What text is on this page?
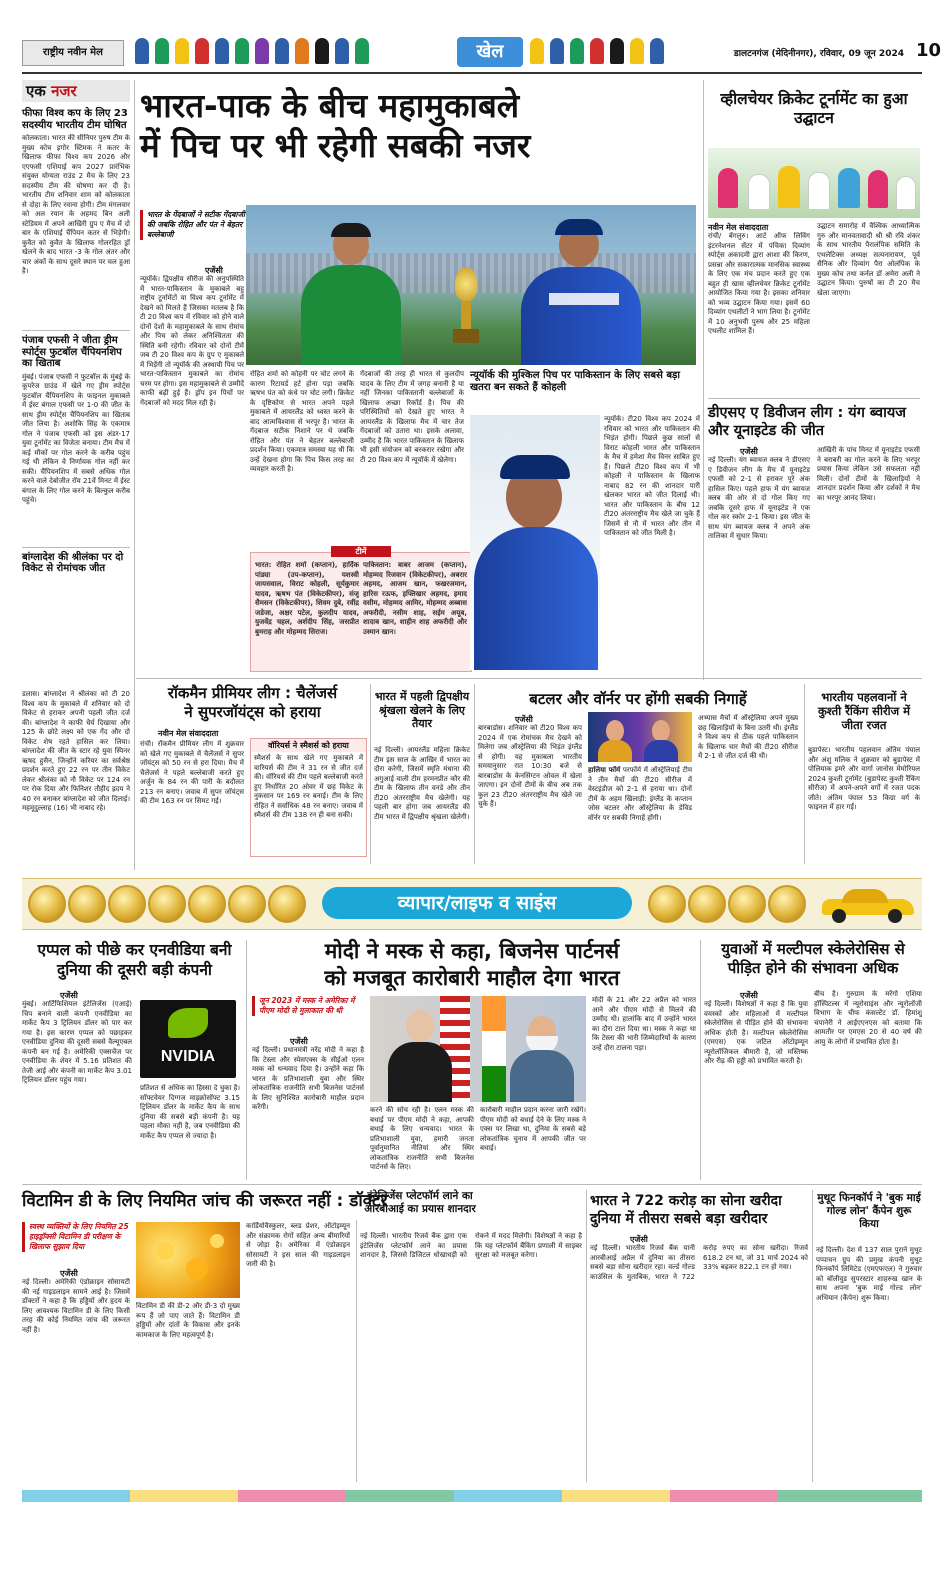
राष्ट्रीय नवीन मेल	खेल	डालटनगंज (मेदिनीनगर), रविवार, 09 जून 2024 10
एक नजर
फीफा विश्व कप के लिए 23 सदस्यीय भारतीय टीम घोषित
कोलकाता। भारत की सीनियर पुरुष टीम के मुख्य कोच इगोर स्टिमक ने कतर के खिलाफ फीफा विश्व कप 2026 और एएफसी एशियाई कप 2027 प्रारंभिक संयुक्त योग्यता राउंड 2 मैच के लिए 23 सदस्यीय टीम की घोषणा कर दी है। भारतीय टीम शनिवार शाम को कोलकाता से दोहा के लिए रवाना होगी। टीम मंगलवार को अल रयान के अहमद बिन अली स्टेडियम में अपने आखिरी ग्रुप ए मैच में दो बार के एशियाई चैंपियन कतर से भिड़ेगी। कुवैत को कुवैत के खिलाफ गोलरहित ड्रॉ खेलने के बाद भारत -3 के गोल अंतर और चार अंकों के साथ दूसरे स्थान पर चल हुआ है।
पंजाब एफसी ने जीता ड्रीम स्पोर्ट्स फुटबॉल चैंपियनशिप का खिताब
मुंबई। पंजाब एफसी ने फुटबॉल के मुंबई के कूपरेज ग्राउंड में खेले गए ड्रीम स्पोर्ट्स फुटबॉल चैंपियनशिप के फाइनल मुकाबले में ईस्ट बंगाल एफसी पर 1-0 की जीत के साथ ड्रीम स्पोर्ट्स चैंपियनशिप का खिताब जीत लिया है। अशोकि सिंह के एकमात्र गोल ने पंजाब एफसी को इस अंडर-17 युवा टूर्नामेंट का विजेता बनाया। टीम मैच में कई मौकों पर गोल करने के करीब पहुंच गई थी लेकिन वे निर्णायक गोल नहीं कर सकी। चैंपियनशिप में सबसे अधिक गोल करने वाले देबोजीत रॉय 21वें मिनट में ईस्ट बंगाल के लिए गोल करने के बिल्कुल करीब पहुंचे।
बांग्लादेश की श्रीलंका पर दो विकेट से रोमांचक जीत
डलास। बांग्लादेश ने श्रीलंका को टी 20 विश्व कप के मुकाबले में शनिवार को दो विकेट से हराकर अपनी पहली जीत दर्ज की। बांग्लादेश ने काफी धैर्य दिखाया और 125 के छोटे लक्ष्य को एक गेंद और दो विकेट शेष रहते हासिल कर लिया। बांग्लादेश की जीत के स्टार रहे युवा स्पिनर ऋषद हुसैन, जिन्होंने करियर का सर्वश्रेष्ठ प्रदर्शन करते हुए 22 रन पर तीन विकेट लेकर श्रीलंका को नौ विकेट पर 124 रन पर रोक दिया और फिनिशर तौहीद ह्रदय ने 40 रन बनाकर बांग्लादेश को जीत दिलाई। महमूदुल्लाह (16) भी नाबाद रहे।
भारत-पाक के बीच महामुकाबले
में पिच पर भी रहेगी सबकी नजर
भारत के गेंदबाजों ने सटीक गेंदबाजी की जबकि रोहित और पंत ने बेहतर बल्लेबाजी
एजेंसी
न्यूयॉर्क। द्विपक्षीय सीरीज की अनुपस्थिति में भारत-पाकिस्तान के मुकाबले बहु राष्ट्रीय टूर्नामेंटों या विश्व कप टूर्नामेंट में देखने को मिलते हैं जिसका मतलब है कि टी 20 विश्व कप में रविवार को होने वाले दोनों देशों के महामुकाबले के साथ रोमांच और पिच को लेकर अनिश्चितता की स्थिति बनी रहेगी। रविवार को दोनों टीमें जब टी 20 विश्व कप के ग्रुप ए मुकाबले में भिड़ेंगी तो न्यूयॉर्क की अस्थायी पिच पर भारत-पाकिस्तान मुकाबले का रोमांच चरम पर होगा। इस महामुकाबले से उम्मीदें काफी बढ़ी हुई हैं। ड्रॉप इन पिचों पर गेंदबाजों को मदद मिल रही है।
रोहित शर्मा को कोहनी पर चोट लगने के कारण रिटायर्ड हर्ट होना पड़ा जबकि ऋषभ पंत को कंधे पर चोट लगी। क्रिकेट के दृष्टिकोण से भारत अपने पहले मुकाबले में आयरलैंड को ध्वस्त करने के बाद आत्मविश्वास से भरपूर है। भारत के गेंदबाज सटीक निशाने पर थे जबकि रोहित और पंत ने बेहतर बल्लेबाजी प्रदर्शन किया। एकमात्र समस्या यह थी कि उन्हें देखना होगा कि पिच किस तरह का व्यवहार करती है।
गेंदबाजों की तरह ही भारत से कुलदीप यादव के लिए टीम में जगह बनानी है या नहीं जिनका पाकिस्तानी बल्लेबाजों के खिलाफ अच्छा रिकॉर्ड है। पिच की परिस्थितियों को देखते हुए भारत ने आयरलैंड के खिलाफ मैच में चार तेज गेंदबाजों को उतारा था। इसके अलावा, उम्मीद है कि भारत पाकिस्तान के खिलाफ भी इसी संयोजन को बरकरार रखेगा और टी 20 विश्व कप में न्यूयॉर्क में खेलेगा।
टीमें
भारत: रोहित शर्मा (कप्तान), हार्दिक पांड्या (उप-कप्तान), यशस्वी जायसवाल, विराट कोहली, सूर्यकुमार यादव, ऋषभ पंत (विकेटकीपर), संजू सैमसन (विकेटकीपर), शिवम दुबे, रवींद्र जडेजा, अक्षर पटेल, कुलदीप यादव, युजवेंद्र चहल, अर्शदीप सिंह, जसप्रीत बुमराह और मोहम्मद सिराज।
पाकिस्तान: बाबर आजम (कप्तान), मोहम्मद रिजवान (विकेटकीपर), अबरार अहमद, आजम खान, फखरजमान, हारिस रऊफ, इफ्तिखार अहमद, इमाद वसीम, मोहम्मद आमिर, मोहम्मद अब्बास अफरीदी, नसीम शाह, सईम अयूब, शादाब खान, शाहीन शाह अफरीदी और उस्मान खान।
न्यूयॉर्क की मुश्किल पिच पर पाकिस्तान के लिए सबसे बड़ा खतरा बन सकते हैं कोहली
न्यूयॉर्क। टी20 विश्व कप 2024 में रविवार को भारत और पाकिस्तान की भिड़ंत होगी। पिछले कुछ सालों से विराट कोहली भारत और पाकिस्तान के मैच में हमेशा मैच विनर साबित हुए हैं। पिछले टी20 विश्व कप में भी कोहली ने पाकिस्तान के खिलाफ नाबाद 82 रन की शानदार पारी खेलकर भारत को जीत दिलाई थी। भारत और पाकिस्तान के बीच 12 टी20 अंतरराष्ट्रीय मैच खेले जा चुके हैं जिसमें से नौ में भारत और तीन में पाकिस्तान को जीत मिली है।
व्हीलचेयर क्रिकेट टूर्नामेंट का हुआ उद्घाटन
नवीन मेल संवाददाता
रांची/ बेंगलुरु। आर्ट ऑफ लिविंग इंटरनेशनल सेंटर में पंचिका दिव्यांग स्पोर्ट्स अकादमी द्वारा आशा की किरण, प्रसन्ना और सकारात्मक मानसिक स्वास्थ्य के लिए एक मंच प्रदान करते हुए एक बहुत ही खास व्हीलचेयर क्रिकेट टूर्नामेंट आयोजित किया गया है। इसका शनिवार को भव्य उद्घाटन किया गया। इसमें 60 दिव्यांग एथलीटों ने भाग लिया है। टूर्नामेंट में 10 अनुभवी पुरुष और 25 महिला एथलीट शामिल हैं।
उद्घाटन समारोह में वैश्विक आध्यात्मिक गुरु और मानवतावादी श्री श्री रवि शंकर के साथ भारतीय पैरालंपिक समिति के एथलेटिक्स अध्यक्ष सत्यनारायण, पूर्व सैनिक और दिव्यांग पैरा ओलंपिक के मुख्य कोच तथा कर्नल डॉ अमेरा अली ने उद्घाटन किया। पुरुषों का टी 20 मैच खेला जाएगा।
डीएसए ए डिवीजन लीग : यंग ब्वायज और यूनाइटेड की जीत
एजेंसी
नई दिल्ली। यंग ब्वायज क्लब ने डीएसए ए डिवीजन लीग के मैच में यूनाइटेड एफसी को 2-1 से हराकर पूरे अंक हासिल किए। पहले हाफ में यंग ब्वायज क्लब की ओर से दो गोल किए गए जबकि दूसरे हाफ में यूनाइटेड ने एक गोल कर स्कोर 2-1 किया। इस जीत के साथ यंग ब्वायज क्लब ने अपने अंक तालिका में सुधार किया।
आखिरी के पांच मिनट में यूनाइटेड एफसी ने बराबरी का गोल करने के लिए भरपूर प्रयास किया लेकिन उसे सफलता नहीं मिली। दोनों टीमों के खिलाड़ियों ने शानदार प्रदर्शन किया और दर्शकों ने मैच का भरपूर आनंद लिया।
रॉकमैन प्रीमियर लीग : चैलेंजर्स
ने सुपरजॉयंट्स को हराया
नवीन मेल संवाददाता
रांची। रॉकमैन प्रीमियर लीग में शुक्रवार को खेले गए मुकाबले में चैलेंजर्स ने सुपर जॉयंट्स को 50 रन से हरा दिया। मैच में चैलेंजर्स ने पहले बल्लेबाजी करते हुए अर्जुन के 84 रन की पारी के बदौलत 213 रन बनाए। जवाब में सुपर जॉयंट्स की टीम 163 रन पर सिमट गई।
वॉरियर्स ने स्मैशर्स को हराया
स्मैशर्स के साथ खेले गए मुकाबले में वारियर्स की टीम ने 31 रन से जीत दर्ज की। वॉरियर्स की टीम पहले बल्लेबाजी करते हुए निर्धारित 20 ओवर में छह विकेट के नुकसान पर 169 रन बनाई। टीम के लिए रोहित ने सर्वाधिक 48 रन बनाए। जवाब में स्मैशर्स की टीम 138 रन ही बना सकी।
भारत में पहली द्विपक्षीय श्रृंखला खेलने के लिए तैयार
नई दिल्ली। आयरलैंड महिला क्रिकेट टीम इस साल के आखिर में भारत का दौरा करेगी, जिसमें स्मृति मंधाना की अगुआई वाली टीम हरमनप्रीत कौर की टीम के खिलाफ तीन वनडे और तीन टी20 अंतरराष्ट्रीय मैच खेलेगी। यह पहली बार होगा जब आयरलैंड की टीम भारत में द्विपक्षीय श्रृंखला खेलेगी।
बटलर और वॉर्नर पर होंगी सबकी निगाहें
एजेंसी
बारबाडोस। शनिवार को टी20 विश्व कप 2024 में एक रोमांचक मैच देखने को मिलेगा जब ऑस्ट्रेलिया की भिड़ंत इंग्लैंड से होगी। यह मुकाबला भारतीय समयानुसार रात 10:30 बजे से बारबाडोस के केनसिंग्टन ओवल में खेला जाएगा। इन दोनों टीमों के बीच अब तक कुल 23 टी20 अंतरराष्ट्रीय मैच खेले जा चुके हैं।
हालिया फॉर्म परफॉर्म में ऑस्ट्रेलियाई टीम ने तीन मैचों की टी20 सीरीज में वेस्टइंडीज को 2-1 से हराया था। दोनों टीमें के अहम खिलाड़ी: इंग्लैंड के कप्तान जोस बटलर और ऑस्ट्रेलिया के डेविड वॉर्नर पर सबकी निगाहें होंगी।
अभ्यास मैचों में ऑस्ट्रेलिया अपने मुख्य छह खिलाड़ियों के बिना उतरी थी। इंग्लैंड ने विश्व कप से ठीक पहले पाकिस्तान के खिलाफ चार मैचों की टी20 सीरीज में 2-1 से जीत दर्ज की थी।
भारतीय पहलवानों ने कुश्ती रैंकिंग सीरीज में जीता रजत
बुडापेस्ट। भारतीय पहलवान अंतिम पंघाल और अंशु मलिक ने शुक्रवार को बुडापेस्ट में पोलियाक इमरे और वार्गा जानोस मेमोरियल 2024 कुश्ती टूर्नामेंट (बुडापेस्ट कुश्ती रैंकिंग सीरीज) में अपने-अपने वर्गों में रजत पदक जीते। अंतिम पंघाल 53 किग्रा वर्ग के फाइनल में हार गईं।
व्यापार/लाइफ व साइंस
एप्पल को पीछे कर एनवीडिया बनी दुनिया की दूसरी बड़ी कंपनी
एजेंसी
मुंबई। आर्टिफिशियल इंटेलिजेंस (एआई) चिप बनाने वाली कंपनी एनवीडिया का मार्केट कैप 3 ट्रिलियन डॉलर को पार कर गया है। इस कारण एप्पल को पछाड़कर एनवीडिया दुनिया की दूसरी सबसे वैल्यूएबल कंपनी बन गई है। अमेरिकी एक्सचेंज पर एनवीडिया के शेयर में 5.16 प्रतिशत की तेजी आई और कंपनी का मार्केट कैप 3.01 ट्रिलियन डॉलर पहुंच गया।
NVIDIA
प्रतिशत से अधिक का हिस्सा दे चुका है। सॉफ्टवेयर दिग्गज माइक्रोसॉफ्ट 3.15 ट्रिलियन डॉलर के मार्केट कैप के साथ दुनिया की सबसे बड़ी कंपनी है। यह पहला मौका नहीं है, जब एनवीडिया की मार्केट कैप एप्पल से ज्यादा है।
मोदी ने मस्क से कहा, बिजनेस पार्टनर्स
को मजबूत कारोबारी माहौल देगा भारत
जून 2023 में मस्क ने अमेरिका में पीएम मोदी से मुलाकात की थी
एजेंसी
नई दिल्ली। प्रधानमंत्री नरेंद्र मोदी ने कहा है कि टेस्ला और स्पेसएक्स के सीईओ एलन मस्क को धन्यवाद दिया है। उन्होंने कहा कि भारत के प्रतिभाशाली युवा और स्थिर लोकतांत्रिक राजनीति सभी बिजनेस पार्टनर्स के लिए सुनिश्चित कारोबारी माहौल प्रदान करेंगी।	करने की सोच रही है। एलन मस्क की बधाई पर पीएम मोदी ने कहा, आपकी बधाई के लिए धन्यवाद। भारत के प्रतिभाशाली युवा, हमारी जनता पूर्वानुमानित नीतियां और स्थिर लोकतांत्रिक राजनीति सभी बिजनेस पार्टनर्स के लिए।
कारोबारी माहौल प्रदान करना जारी रखेंगे। पीएम मोदी को बधाई देने के लिए मस्क ने एक्स पर लिखा था, दुनिया के सबसे बड़े लोकतांत्रिक चुनाव में आपकी जीत पर बधाई।
मोदी के 21 और 22 अप्रैल को भारत आने और पीएम मोदी से मिलने की उम्मीद थी। हालांकि बाद में उन्होंने भारत का दौरा टाल दिया था। मस्क ने कहा था कि टेस्ला की भारी जिम्मेदारियों के कारण उन्हें दौरा टालना पड़ा।
युवाओं में मल्टीपल स्केलेरोसिस से पीड़ित होने की संभावना अधिक
एजेंसी
नई दिल्ली। विशेषज्ञों ने कहा है कि युवा वयस्कों और महिलाओं में मल्टीपल स्केलेरोसिस से पीड़ित होने की संभावना अधिक होती है। मल्टीपल स्केलेरोसिस (एमएस) एक जटिल ऑटोइम्यून न्यूरोलॉजिकल बीमारी है, जो मस्तिष्क और रीढ़ की हड्डी को प्रभावित करती है।
बीच है। गुरुग्राम के मरेंगो एशिया हॉस्पिटल्स में न्यूरोसाइंस और न्यूरोलॉजी विभाग के चीफ कंसल्टेंट डॉ. हिमांशु चंपानेरी ने आईएएनएस को बताया कि आमतौर पर एमएस 20 से 40 वर्ष की आयु के लोगों में प्रभावित होता है।
विटामिन डी के लिए नियमित जांच की जरूरत नहीं : डॉक्टर
स्वस्थ व्यक्तियों के लिए नियमित 25 हाइड्रॉक्सी विटामिन डी परीक्षण के खिलाफ सुझाव दिया
एजेंसी
नई दिल्ली। अमेरिकी एंडोक्राइन सोसायटी की नई गाइडलाइन सामने आई है। जिसमें डॉक्टरों ने कहा है कि हड्डियों और हृदय के लिए आवश्यक विटामिन डी के लिए किसी तरह की कोई नियमित जांच की जरूरत नहीं है।
विटामिन डी की डी-2 और डी-3 दो मुख्य रूप हैं जो पाए जाते हैं। विटामिन डी हड्डियों और दांतों के विकास और इनके कामकाज के लिए महत्वपूर्ण है।
कार्डियोवैस्कुलर, ब्लड प्रेशर, ऑटोइम्यून और संक्रामक रोगों सहित अन्य बीमारियों से जोड़ा है। अमेरिका में एंडोक्राइन सोसायटी ने इस साल की गाइडलाइन जारी की है।
इंटेलिजेंस प्लेटफॉर्म लाने का आरबीआई का प्रयास शानदार
नई दिल्ली। भारतीय रिजर्व बैंक द्वारा एक इंटेलिजेंस प्लेटफॉर्म लाने का प्रयास शानदार है, जिससे डिजिटल धोखाधड़ी को रोकने में मदद मिलेगी। विशेषज्ञों ने कहा है कि यह प्लेटफॉर्म बैंकिंग प्रणाली में साइबर सुरक्षा को मजबूत करेगा।
भारत ने 722 करोड़ का सोना खरीदा दुनिया में तीसरा सबसे बड़ा खरीदार
एजेंसी
नई दिल्ली। भारतीय रिजर्व बैंक यानी आरबीआई अप्रैल में दुनिया का तीसरा सबसे बड़ा सोना खरीदार रहा। वर्ल्ड गोल्ड काउंसिल के मुताबिक, भारत ने 722 करोड़ रुपए का सोना खरीदा। रिजर्व 618.2 टन था, जो 31 मार्च 2024 को 33% बढ़कर 822.1 टन हो गया।
मुथूट फिनकॉर्प ने 'बुक माई गोल्ड लोन' कैंपेन शुरू किया
नई दिल्ली। देश में 137 साल पुराने मुथूट पप्पाचन ग्रुप की प्रमुख कंपनी मुथूट फिनकॉर्प लिमिटेड (एमएफएल) ने गुरुवार को बॉलीवुड सुपरस्टार शाहरुख खान के साथ अपना 'बुक माई गोल्ड लोन' अभियान (कैंपेन) शुरू किया।
